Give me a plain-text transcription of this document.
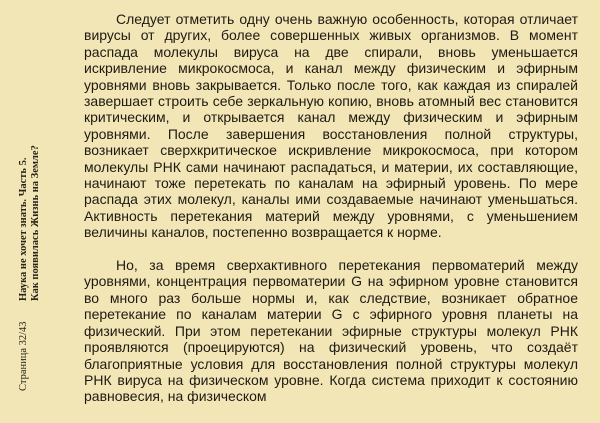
Наука не хочет знать. Часть 5. Как появилась Жизнь на Земле?
Страница 32/43

Следует отметить одну очень важную особенность, которая отличает вирусы от других, более совершенных живых организмов. В момент распада молекулы вируса на две спирали, вновь уменьшается искривление микрокосмоса, и канал между физическим и эфирным уровнями вновь закрывается. Только после того, как каждая из спиралей завершает строить себе зеркальную копию, вновь атомный вес становится критическим, и открывается канал между физическим и эфирным уровнями. После завершения восстановления полной структуры, возникает сверхкритическое искривление микрокосмоса, при котором молекулы РНК сами начинают распадаться, и материи, их составляющие, начинают тоже перетекать по каналам на эфирный уровень. По мере распада этих молекул, каналы ими создаваемые начинают уменьшаться. Активность перетекания материй между уровнями, с уменьшением величины каналов, постепенно возвращается к норме.

Но, за время сверхактивного перетекания первоматерий между уровнями, концентрация первоматерии G на эфирном уровне становится во много раз больше нормы и, как следствие, возникает обратное перетекание по каналам материи G с эфирного уровня планеты на физический. При этом перетекании эфирные структуры молекул РНК проявляются (проецируются) на физический уровень, что создаёт благоприятные условия для восстановления полной структуры молекул РНК вируса на физическом уровне. Когда система приходит к состоянию равновесия, на физическом
